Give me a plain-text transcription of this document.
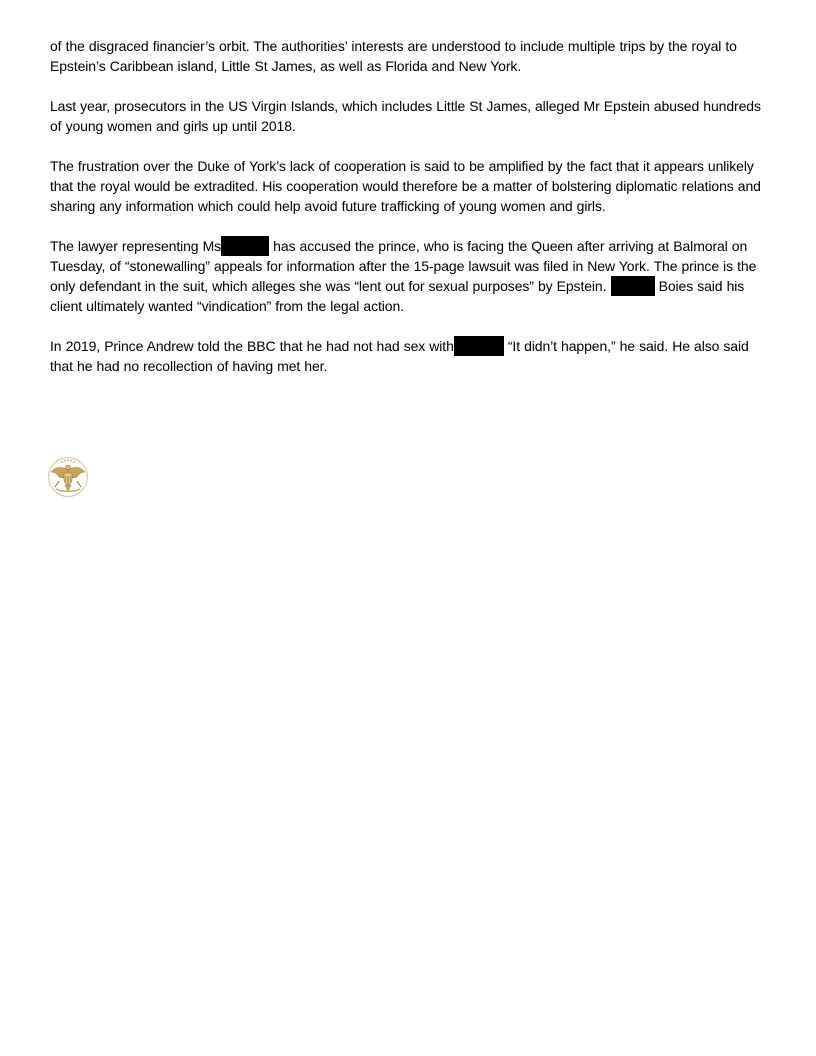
of the disgraced financier’s orbit. The authorities’ interests are understood to include multiple trips by the royal to Epstein’s Caribbean island, Little St James, as well as Florida and New York.

Last year, prosecutors in the US Virgin Islands, which includes Little St James, alleged Mr Epstein abused hundreds of young women and girls up until 2018.

The frustration over the Duke of York’s lack of cooperation is said to be amplified by the fact that it appears unlikely that the royal would be extradited. His cooperation would therefore be a matter of bolstering diplomatic relations and sharing any information which could help avoid future trafficking of young women and girls.

The lawyer representing Ms	has accused the prince, who is facing the Queen after arriving at Balmoral on Tuesday, of “stonewalling” appeals for information after the 15-page lawsuit was filed in New York. The prince is the only defendant in the suit, which alleges she was “lent out for sexual purposes” by Epstein.	Boies said his client ultimately wanted “vindication” from the legal action.

In 2019, Prince Andrew told the BBC that he had not had sex with	“It didn’t happen,” he said. He also said that he had no recollection of having met her.
